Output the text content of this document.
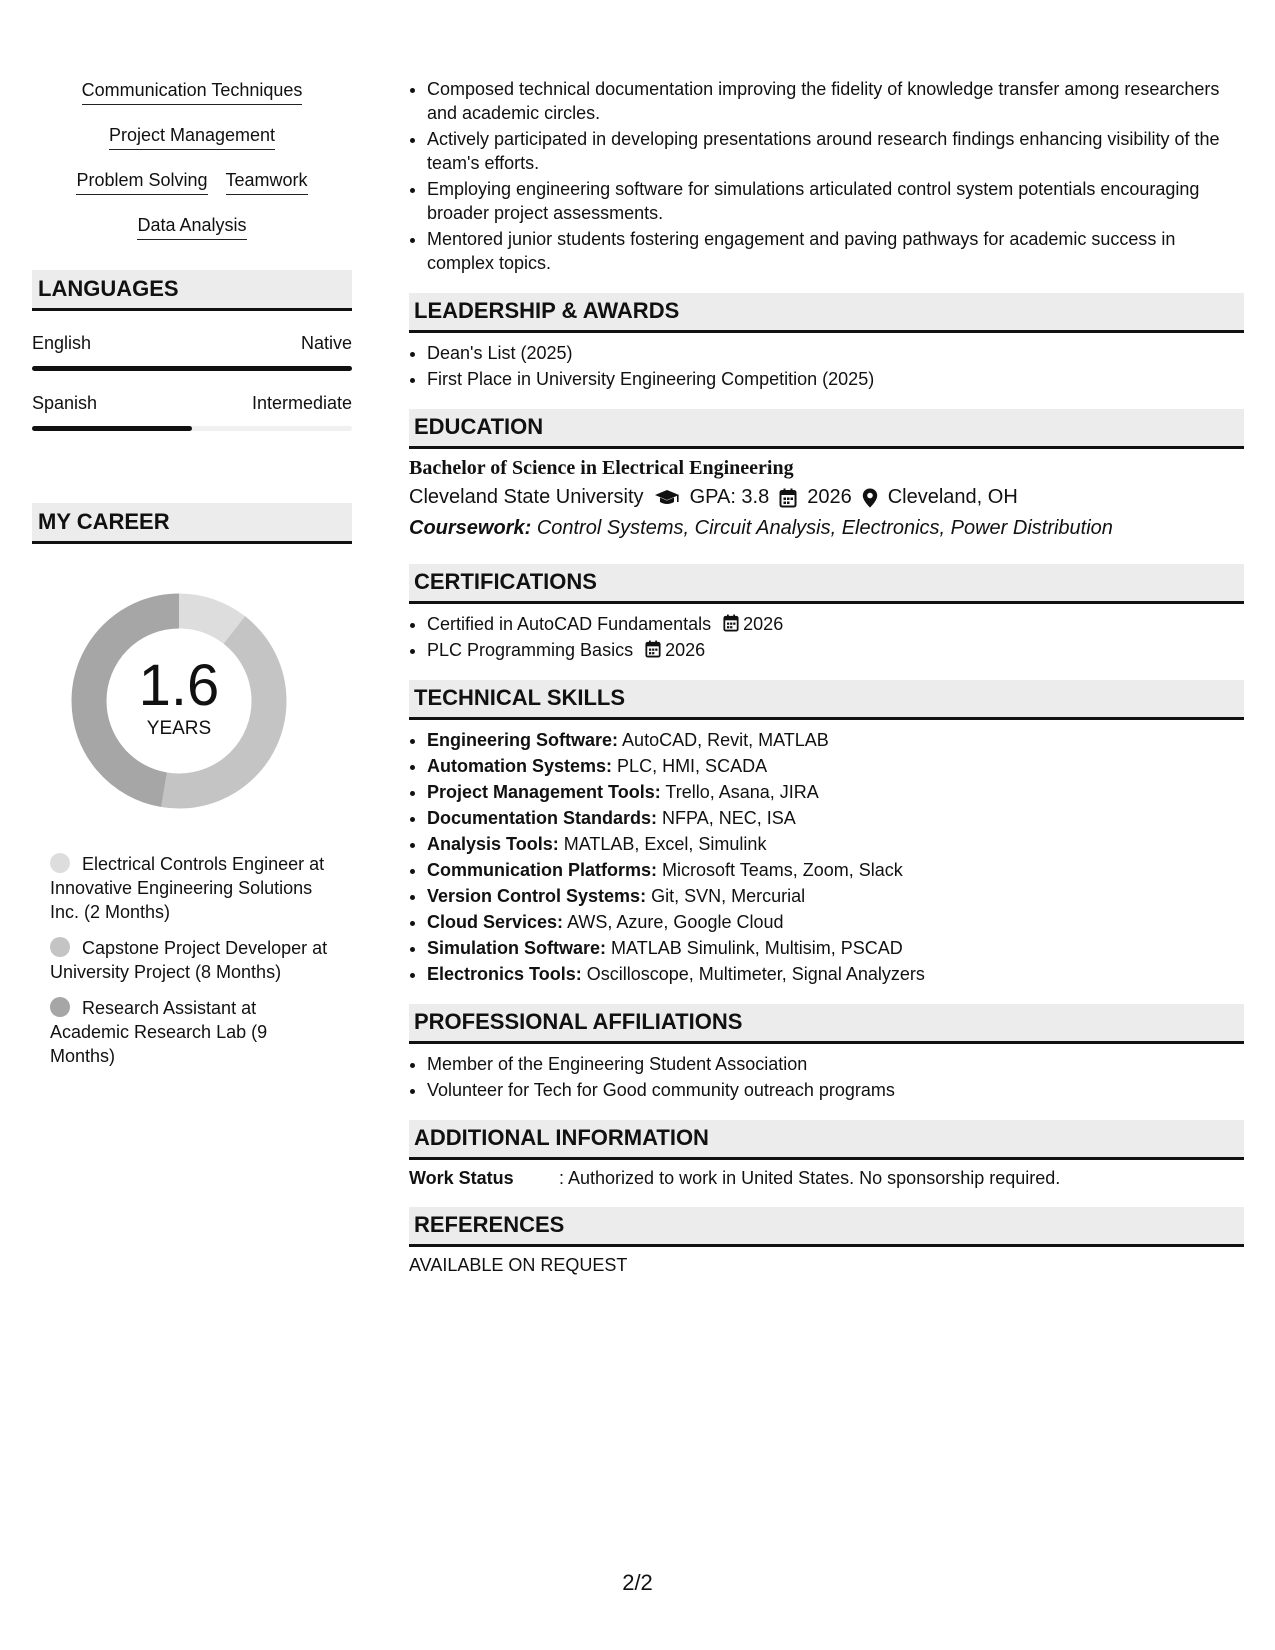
Communication Techniques
Project Management
Problem Solving Teamwork
Data Analysis
LANGUAGES
English	Native
Spanish	Intermediate
MY CAREER
1.6
YEARS
Electrical Controls Engineer at Innovative Engineering Solutions Inc. (2 Months)
Capstone Project Developer at University Project (8 Months)
Research Assistant at Academic Research Lab (9 Months)
• Composed technical documentation improving the fidelity of knowledge transfer among researchers and academic circles.
• Actively participated in developing presentations around research findings enhancing visibility of the team's efforts.
• Employing engineering software for simulations articulated control system potentials encouraging broader project assessments.
• Mentored junior students fostering engagement and paving pathways for academic success in complex topics.
LEADERSHIP & AWARDS
• Dean's List (2025)
• First Place in University Engineering Competition (2025)
EDUCATION
Bachelor of Science in Electrical Engineering
Cleveland State University GPA: 3.8 2026 Cleveland, OH
Coursework: Control Systems, Circuit Analysis, Electronics, Power Distribution
CERTIFICATIONS
• Certified in AutoCAD Fundamentals 2026
• PLC Programming Basics 2026
TECHNICAL SKILLS
• Engineering Software: AutoCAD, Revit, MATLAB
• Automation Systems: PLC, HMI, SCADA
• Project Management Tools: Trello, Asana, JIRA
• Documentation Standards: NFPA, NEC, ISA
• Analysis Tools: MATLAB, Excel, Simulink
• Communication Platforms: Microsoft Teams, Zoom, Slack
• Version Control Systems: Git, SVN, Mercurial
• Cloud Services: AWS, Azure, Google Cloud
• Simulation Software: MATLAB Simulink, Multisim, PSCAD
• Electronics Tools: Oscilloscope, Multimeter, Signal Analyzers
PROFESSIONAL AFFILIATIONS
• Member of the Engineering Student Association
• Volunteer for Tech for Good community outreach programs
ADDITIONAL INFORMATION
Work Status	: Authorized to work in United States. No sponsorship required.
REFERENCES
AVAILABLE ON REQUEST
2/2
